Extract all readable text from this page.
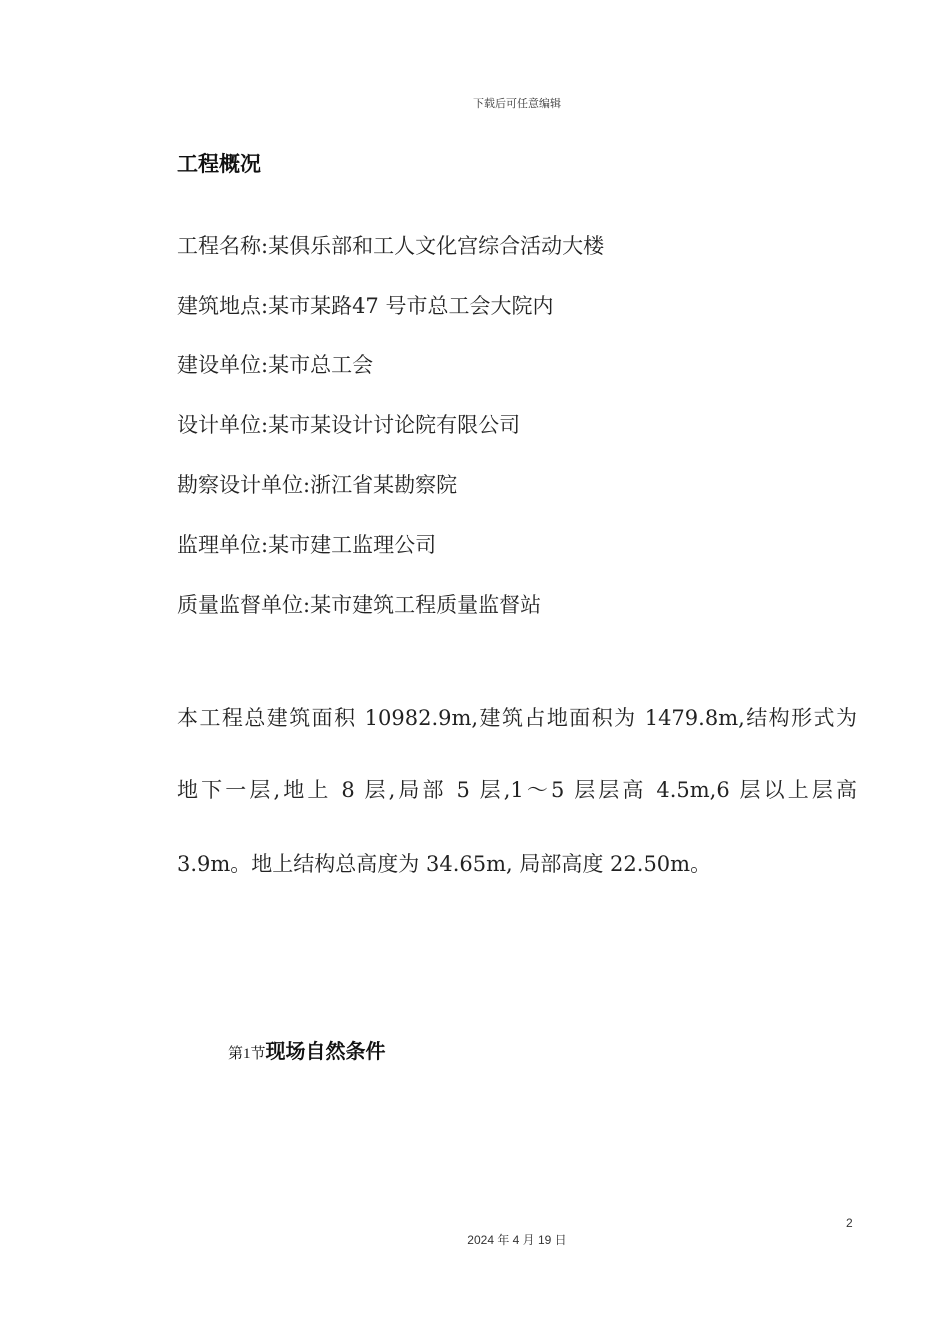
下载后可任意编辑
工程概况
工程名称:某俱乐部和工人文化宫综合活动大楼
建筑地点:某市某路47 号市总工会大院内
建设单位:某市总工会
设计单位:某市某设计讨论院有限公司
勘察设计单位:浙江省某勘察院
监理单位:某市建工监理公司
质量监督单位:某市建筑工程质量监督站
本工程总建筑面积 10982.9m,建筑占地面积为 1479.8m,结构形式为
地下一层,地上 8 层,局部 5 层,1～5 层层高 4.5m,6 层以上层高
3.9m。地上结构总高度为 34.65m, 局部高度 22.50m。
第1节现场自然条件
2
2024 年 4 月 19 日
